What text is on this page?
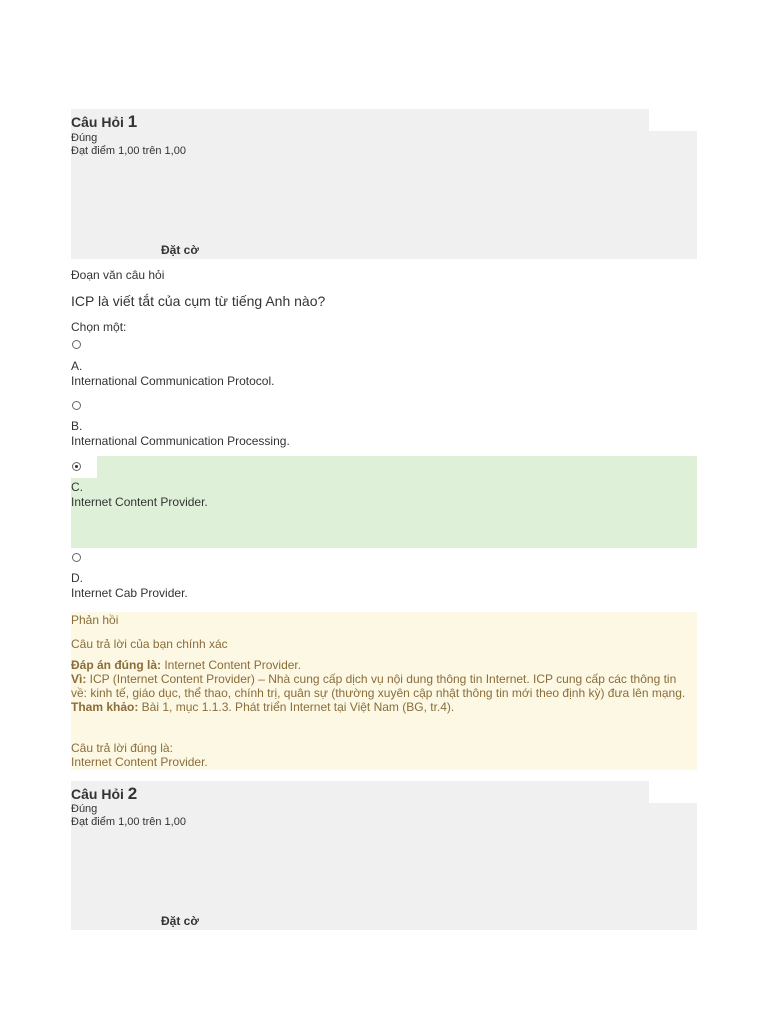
Câu Hỏi 1
Đúng
Đạt điểm 1,00 trên 1,00
Đặt cờ
Đoạn văn câu hỏi
ICP là viết tắt của cụm từ tiếng Anh nào?
Chọn một:
A.
International Communication Protocol.
B.
International Communication Processing.
C.
Internet Content Provider.
D.
Internet Cab Provider.
Phản hồi
Câu trả lời của bạn chính xác
Đáp án đúng là: Internet Content Provider.
Vì: ICP (Internet Content Provider) – Nhà cung cấp dịch vụ nội dung thông tin Internet. ICP cung cấp các thông tin về: kinh tế, giáo dục, thể thao, chính trị, quân sự (thường xuyên cập nhật thông tin mới theo định kỳ) đưa lên mạng.
Tham khảo: Bài 1, mục 1.1.3. Phát triển Internet tại Việt Nam (BG, tr.4).
Câu trả lời đúng là:
Internet Content Provider.
Câu Hỏi 2
Đúng
Đạt điểm 1,00 trên 1,00
Đặt cờ
